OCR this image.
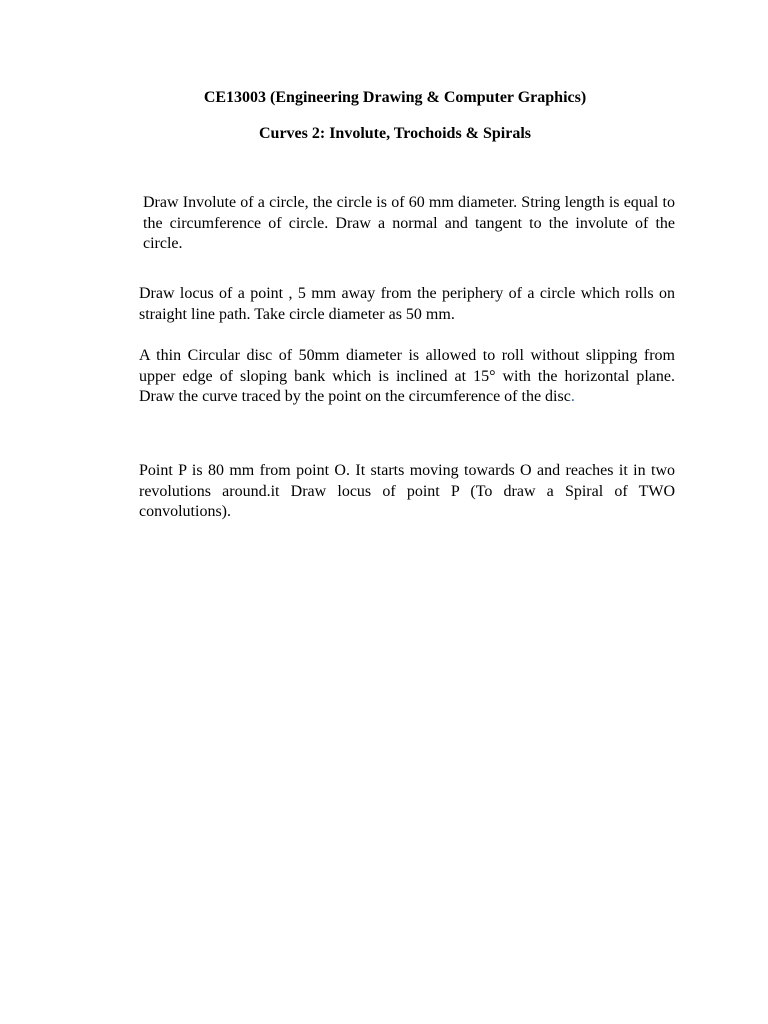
CE13003 (Engineering Drawing & Computer Graphics)
Curves 2: Involute, Trochoids & Spirals

Draw Involute of a circle, the circle is of 60 mm diameter. String length is equal to the circumference of circle. Draw a normal and tangent to the involute of the circle.

Draw locus of a point , 5 mm away from the periphery of a circle which rolls on straight line path. Take circle diameter as 50 mm.

A thin Circular disc of 50mm diameter is allowed to roll without slipping from upper edge of sloping bank which is inclined at 15° with the horizontal plane. Draw the curve traced by the point on the circumference of the disc.

Point P is 80 mm from point O. It starts moving towards O and reaches it in two revolutions around.it Draw locus of point P (To draw a Spiral of TWO convolutions).
